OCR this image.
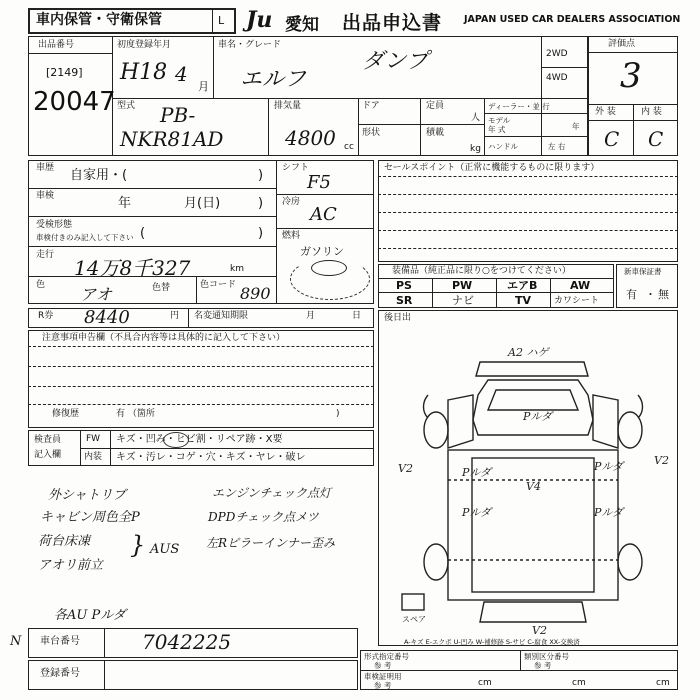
車内保管・守衛保管	L Ju 愛知 出品申込書 JAPAN USED CAR DEALERS ASSOCIATION
出品番号
[2149]
20047
初度登録年月
H18 4
月
車名・グレード
エルフ
ダンプ	2WD
4WD
評価点
3
外 装	内 装
C C
型式 PB-
NKR81AD
排気量
4800 cc
ドア	定員
人
形状	積載
kg
ディーラー・並 行
モデル
年 式	年
ハンドル	左 右
車歴 自家用・(	)
車検	年	月(日)	)
受検形態
車検付きのみ記入して下さい (	)
走行
14万8千327	km
色 アオ	色替	色コード 890
シフト
F5
冷房
AC
燃料
ガソリン
セールスポイント（正常に機能するものに限ります）
装備品（純正品に限り○をつけてください）
PS	PW	エアB	AW
SR	ナビ	TV	カワシート
新車保証書
有 無
・
R券 8440	円 名変通知期限	月	日
注意事項申告欄（不具合内容等は具体的に記入して下さい）
修復歴	有 （箇所	)
検査員
記入欄
FW キズ・凹み・ヒビ割・リペア跡・X要
内装 キズ・汚レ・コゲ・穴・キズ・ヤレ・破レ
外シャトリブ
キャビン周色全P
荷台床凍
アオリ前立
} AUS
エンジンチェック点灯
DPDチェック点メツ
左Rピラーインナー歪み
各AU Pルダ
後日出
A2 ハゲ
Pルダ
V2
V2
V4
Pルダ	Pルダ
Pルダ	Pルダ
V2
スペア
A-キズ E-エクボ U-凹み W-補修跡 S-サビ C-腐食 XX-交換済
N 車台番号	7042225
登録番号
形式指定番号
参 考
類別区分番号
参 考
車検証明用
参 考	cm	cm	cm
